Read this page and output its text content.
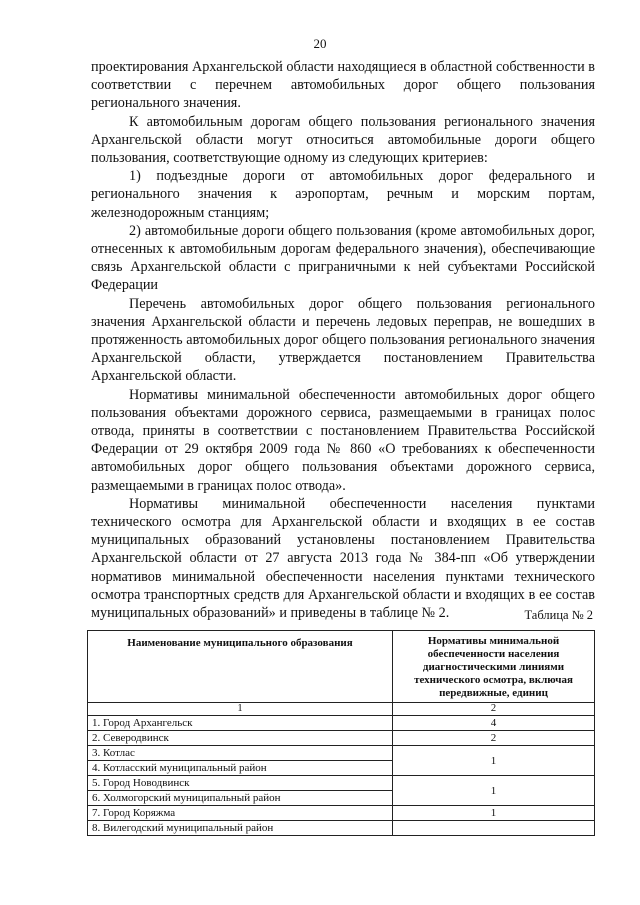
20

проектирования Архангельской области находящиеся в областной собственности в соответствии с перечнем автомобильных дорог общего пользования регионального значения.

К автомобильным дорогам общего пользования регионального значения Архангельской области могут относиться автомобильные дороги общего пользования, соответствующие одному из следующих критериев:

1) подъездные дороги от автомобильных дорог федерального и регионального значения к аэропортам, речным и морским портам, железнодорожным станциям;

2) автомобильные дороги общего пользования (кроме автомобильных дорог, отнесенных к автомобильным дорогам федерального значения), обеспечивающие связь Архангельской области с приграничными к ней субъектами Российской Федерации

Перечень автомобильных дорог общего пользования регионального значения Архангельской области и перечень ледовых переправ, не вошедших в протяженность автомобильных дорог общего пользования регионального значения Архангельской области, утверждается постановлением Правительства Архангельской области.

Нормативы минимальной обеспеченности автомобильных дорог общего пользования объектами дорожного сервиса, размещаемыми в границах полос отвода, приняты в соответствии с постановлением Правительства Российской Федерации от 29 октября 2009 года № 860 «О требованиях к обеспеченности автомобильных дорог общего пользования объектами дорожного сервиса, размещаемыми в границах полос отвода».

Нормативы минимальной обеспеченности населения пунктами технического осмотра для Архангельской области и входящих в ее состав муниципальных образований установлены постановлением Правительства Архангельской области от 27 августа 2013 года № 384-пп «Об утверждении нормативов минимальной обеспеченности населения пунктами технического осмотра транспортных средств для Архангельской области и входящих в ее состав муниципальных образований» и приведены в таблице № 2.	Таблица № 2
Наименование муниципального образования	Нормативы минимальной обеспеченности населения диагностическими линиями технического осмотра, включая передвижные, единиц
1	2
1. Город Архангельск	4
2. Северодвинск	2
3. Котлас	1
4. Котласский муниципальный район	
5. Город Новодвинск	1
6. Холмогорский муниципальный район	
7. Город Коряжма	1
8. Вилегодский муниципальный район	
